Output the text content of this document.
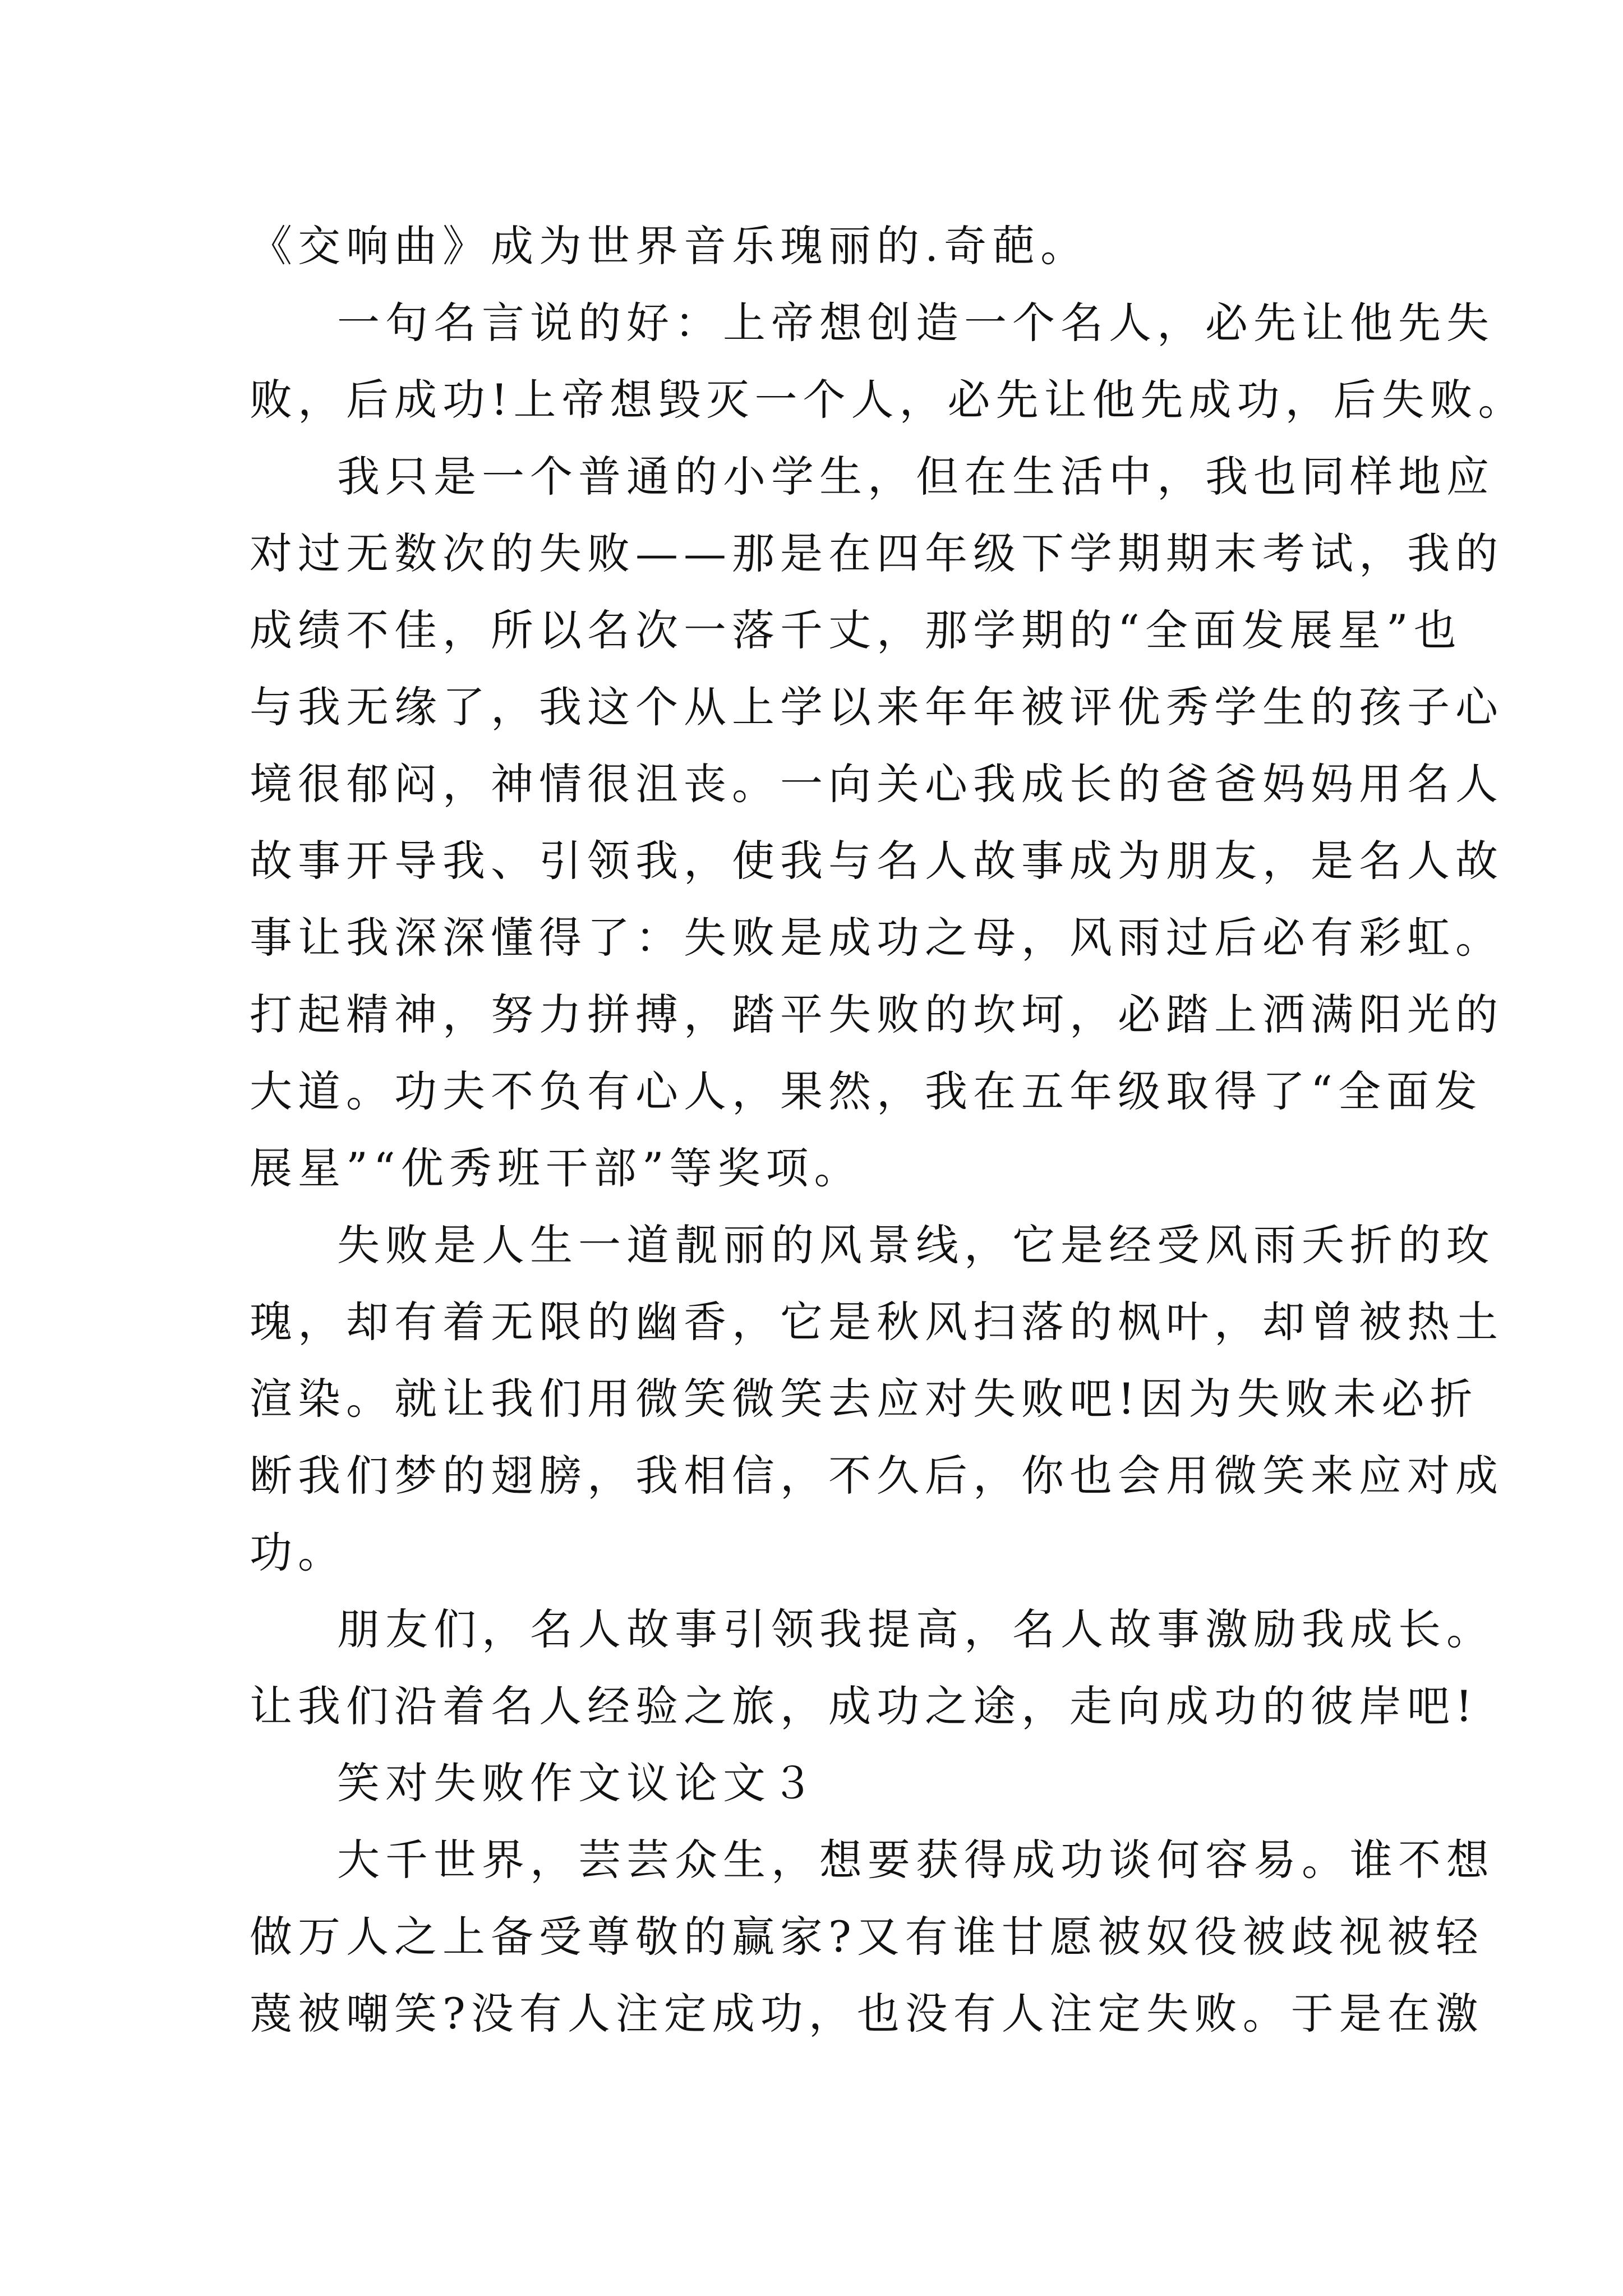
《交响曲》成为世界音乐瑰丽的.奇葩。
一句名言说的好：上帝想创造一个名人，必先让他先失
败，后成功!上帝想毁灭一个人，必先让他先成功，后失败。
我只是一个普通的小学生，但在生活中，我也同样地应
对过无数次的失败——那是在四年级下学期期末考试，我的
成绩不佳，所以名次一落千丈，那学期的“全面发展星”也
与我无缘了，我这个从上学以来年年被评优秀学生的孩子心
境很郁闷，神情很沮丧。一向关心我成长的爸爸妈妈用名人
故事开导我、引领我，使我与名人故事成为朋友，是名人故
事让我深深懂得了：失败是成功之母，风雨过后必有彩虹。
打起精神，努力拼搏，踏平失败的坎坷，必踏上洒满阳光的
大道。功夫不负有心人，果然，我在五年级取得了“全面发
展星”“优秀班干部”等奖项。
失败是人生一道靓丽的风景线，它是经受风雨夭折的玫
瑰，却有着无限的幽香，它是秋风扫落的枫叶，却曾被热土
渲染。就让我们用微笑微笑去应对失败吧!因为失败未必折
断我们梦的翅膀，我相信，不久后，你也会用微笑来应对成
功。
朋友们，名人故事引领我提高，名人故事激励我成长。
让我们沿着名人经验之旅，成功之途，走向成功的彼岸吧!
笑对失败作文议论文３
大千世界，芸芸众生，想要获得成功谈何容易。谁不想
做万人之上备受尊敬的赢家?又有谁甘愿被奴役被歧视被轻
蔑被嘲笑?没有人注定成功，也没有人注定失败。于是在激
